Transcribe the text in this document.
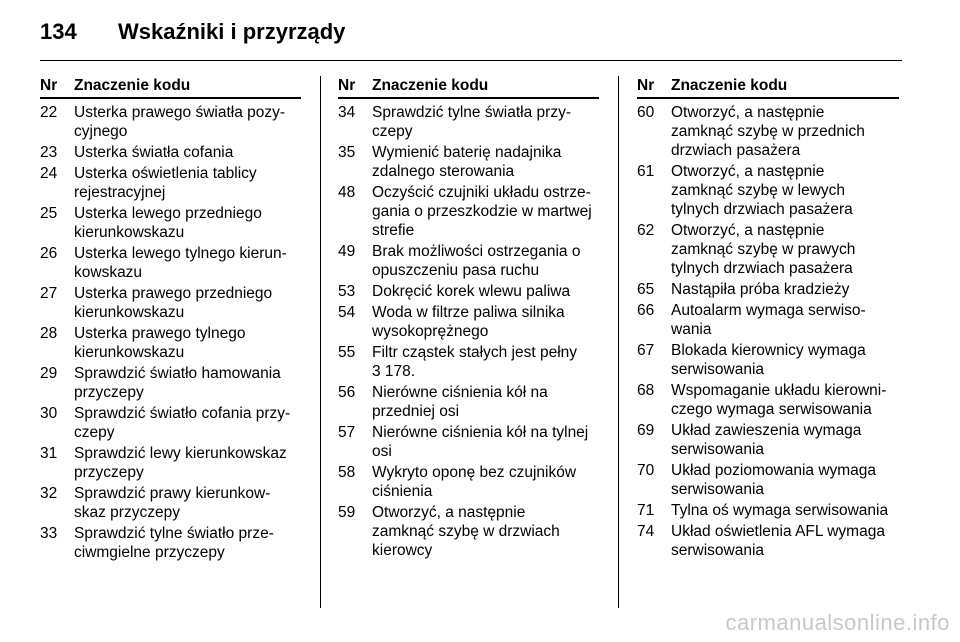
134 Wskaźniki i przyrządy
Nr	Znaczenie kodu
22	Usterka prawego światła pozy-
cyjnego
23	Usterka światła cofania
24	Usterka oświetlenia tablicy
rejestracyjnej
25	Usterka lewego przedniego
kierunkowskazu
26	Usterka lewego tylnego kierun-
kowskazu
27	Usterka prawego przedniego
kierunkowskazu
28	Usterka prawego tylnego
kierunkowskazu
29	Sprawdzić światło hamowania
przyczepy
30	Sprawdzić światło cofania przy-
czepy
31	Sprawdzić lewy kierunkowskaz
przyczepy
32	Sprawdzić prawy kierunkow-
skaz przyczepy
33	Sprawdzić tylne światło prze-
ciwmgielne przyczepy
Nr	Znaczenie kodu
34	Sprawdzić tylne światła przy-
czepy
35	Wymienić baterię nadajnika
zdalnego sterowania
48	Oczyścić czujniki układu ostrze-
gania o przeszkodzie w martwej
strefie
49	Brak możliwości ostrzegania o
opuszczeniu pasa ruchu
53	Dokręcić korek wlewu paliwa
54	Woda w filtrze paliwa silnika
wysokoprężnego
55	Filtr cząstek stałych jest pełny
3 178.
56	Nierówne ciśnienia kół na
przedniej osi
57	Nierówne ciśnienia kół na tylnej
osi
58	Wykryto oponę bez czujników
ciśnienia
59	Otworzyć, a następnie
zamknąć szybę w drzwiach
kierowcy
Nr	Znaczenie kodu
60	Otworzyć, a następnie
zamknąć szybę w przednich
drzwiach pasażera
61	Otworzyć, a następnie
zamknąć szybę w lewych
tylnych drzwiach pasażera
62	Otworzyć, a następnie
zamknąć szybę w prawych
tylnych drzwiach pasażera
65	Nastąpiła próba kradzieży
66	Autoalarm wymaga serwiso-
wania
67	Blokada kierownicy wymaga
serwisowania
68	Wspomaganie układu kierowni-
czego wymaga serwisowania
69	Układ zawieszenia wymaga
serwisowania
70	Układ poziomowania wymaga
serwisowania
71	Tylna oś wymaga serwisowania
74	Układ oświetlenia AFL wymaga
serwisowania
carmanualsonline.info
